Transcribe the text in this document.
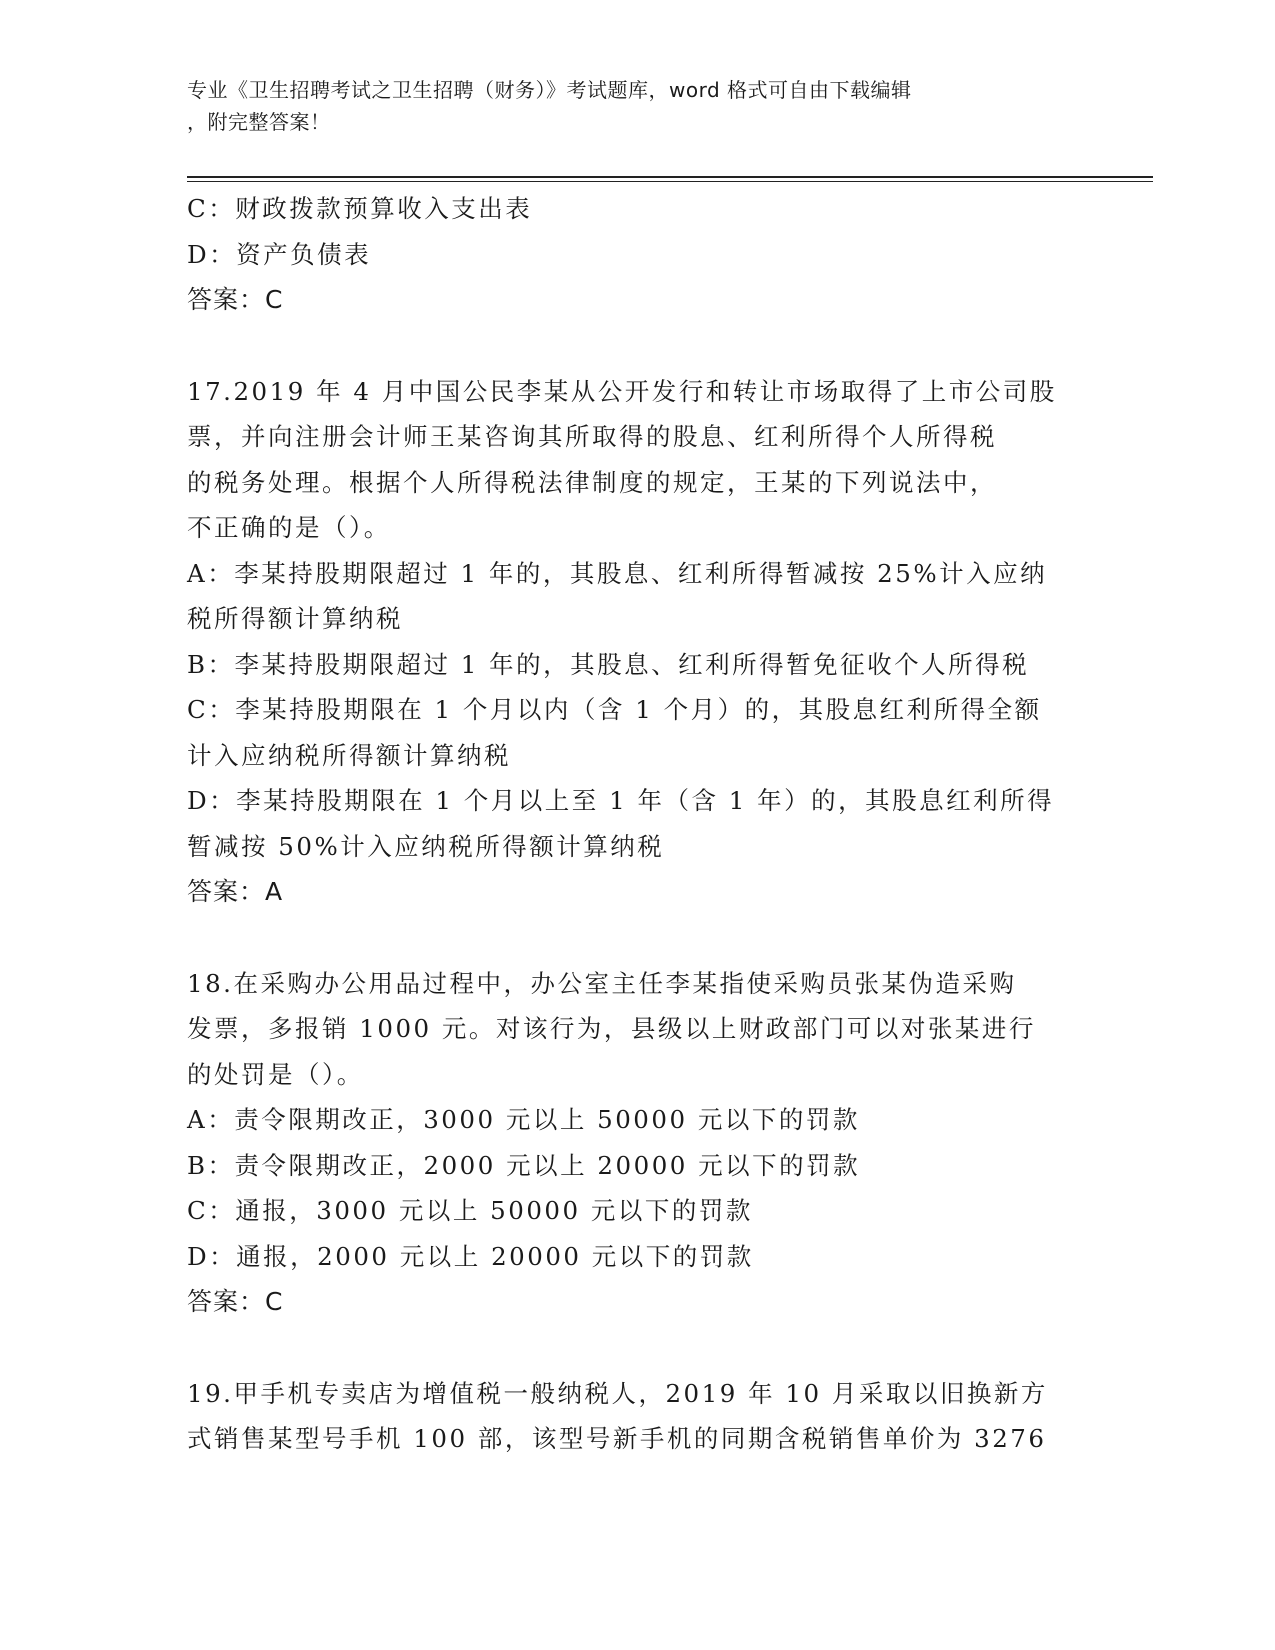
专业《卫生招聘考试之卫生招聘（财务）》考试题库，word 格式可自由下载编辑
，附完整答案！
C：财政拨款预算收入支出表
D：资产负债表
答案：C
17.2019 年 4 月中国公民李某从公开发行和转让市场取得了上市公司股
票，并向注册会计师王某咨询其所取得的股息、红利所得个人所得税
的税务处理。根据个人所得税法律制度的规定，王某的下列说法中，
不正确的是（）。
A：李某持股期限超过 1 年的，其股息、红利所得暂减按 25%计入应纳
税所得额计算纳税
B：李某持股期限超过 1 年的，其股息、红利所得暂免征收个人所得税
C：李某持股期限在 1 个月以内（含 1 个月）的，其股息红利所得全额
计入应纳税所得额计算纳税
D：李某持股期限在 1 个月以上至 1 年（含 1 年）的，其股息红利所得
暂减按 50%计入应纳税所得额计算纳税
答案：A
18.在采购办公用品过程中，办公室主任李某指使采购员张某伪造采购
发票，多报销 1000 元。对该行为，县级以上财政部门可以对张某进行
的处罚是（）。
A：责令限期改正，3000 元以上 50000 元以下的罚款
B：责令限期改正，2000 元以上 20000 元以下的罚款
C：通报，3000 元以上 50000 元以下的罚款
D：通报，2000 元以上 20000 元以下的罚款
答案：C
19.甲手机专卖店为增值税一般纳税人，2019 年 10 月采取以旧换新方
式销售某型号手机 100 部，该型号新手机的同期含税销售单价为 3276
